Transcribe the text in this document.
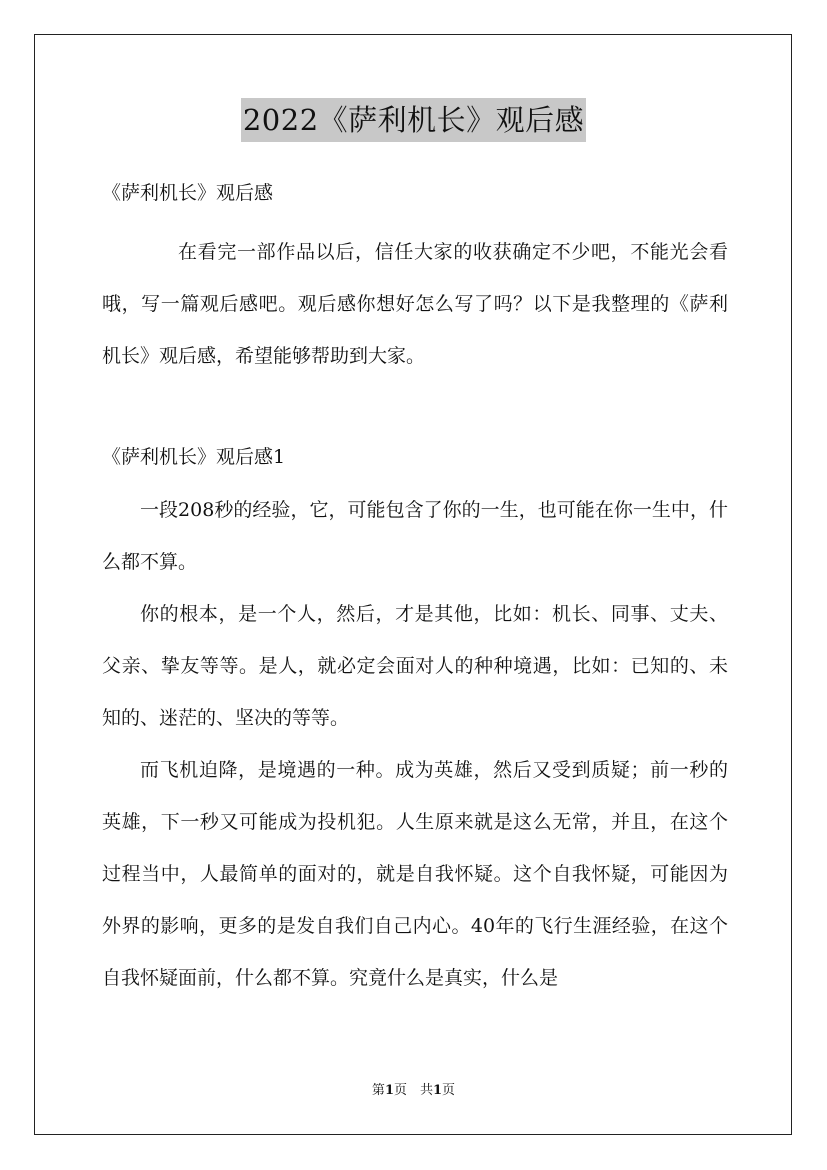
2022《萨利机长》观后感

《萨利机长》观后感

在看完一部作品以后，信任大家的收获确定不少吧，不能光会看哦，写一篇观后感吧。观后感你想好怎么写了吗？以下是我整理的《萨利机长》观后感，希望能够帮助到大家。

《萨利机长》观后感1

一段208秒的经验，它，可能包含了你的一生，也可能在你一生中，什么都不算。

你的根本，是一个人，然后，才是其他，比如：机长、同事、丈夫、父亲、挚友等等。是人，就必定会面对人的种种境遇，比如：已知的、未知的、迷茫的、坚决的等等。

而飞机迫降，是境遇的一种。成为英雄，然后又受到质疑；前一秒的英雄，下一秒又可能成为投机犯。人生原来就是这么无常，并且，在这个过程当中，人最简单的面对的，就是自我怀疑。这个自我怀疑，可能因为外界的影响，更多的是发自我们自己内心。40年的飞行生涯经验，在这个自我怀疑面前，什么都不算。究竟什么是真实，什么是

第1页　共1页
